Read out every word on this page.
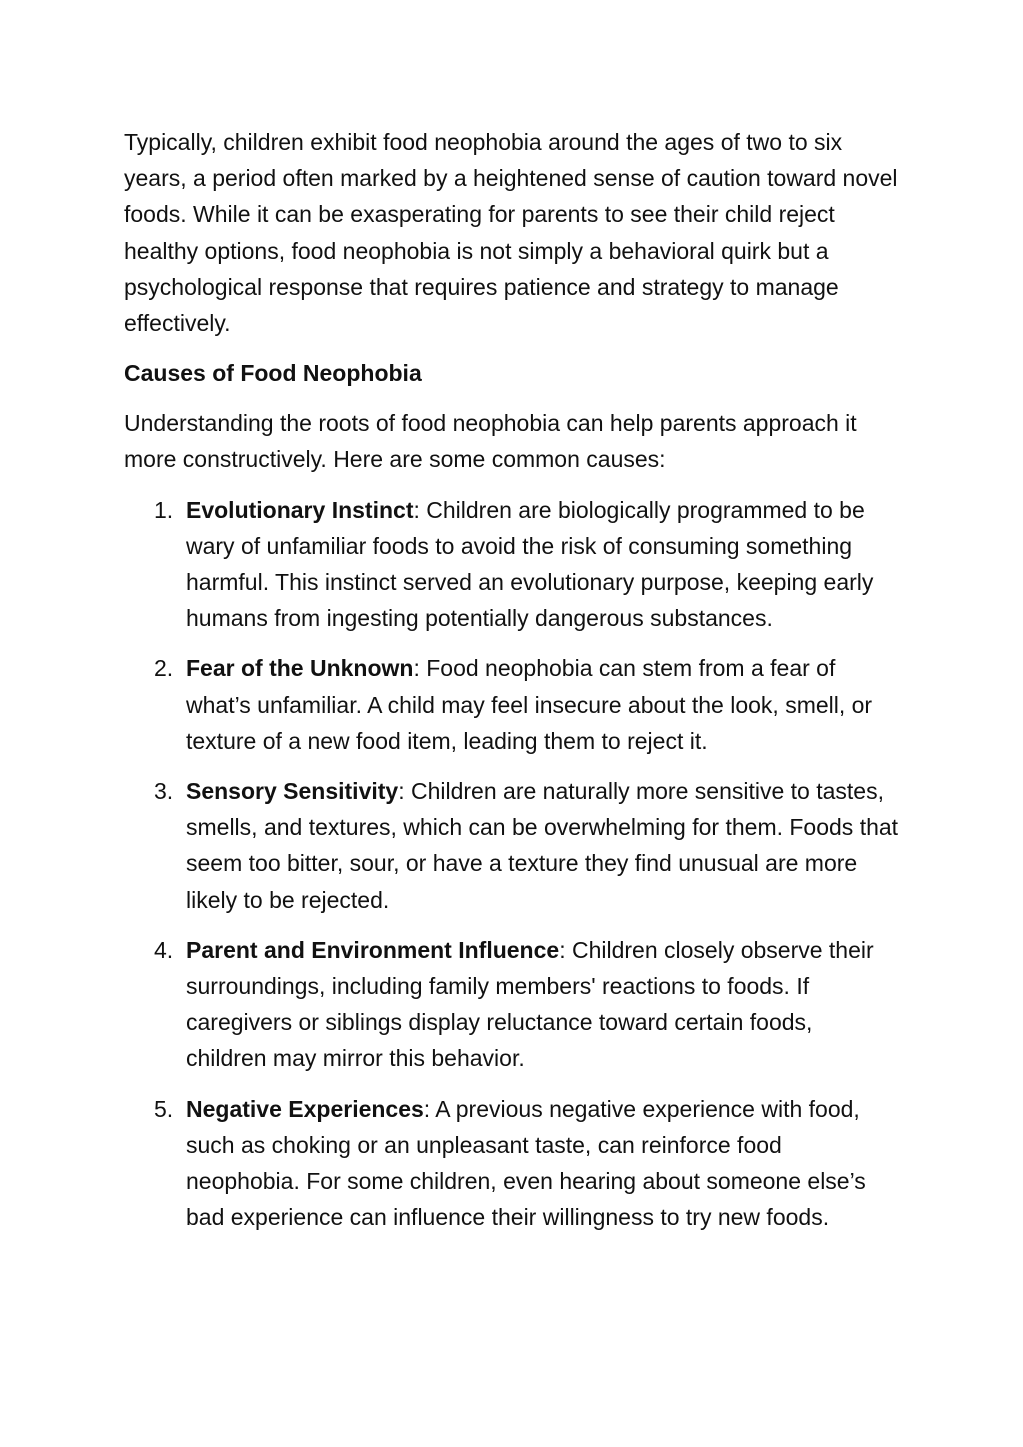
Typically, children exhibit food neophobia around the ages of two to six years, a period often marked by a heightened sense of caution toward novel foods. While it can be exasperating for parents to see their child reject healthy options, food neophobia is not simply a behavioral quirk but a psychological response that requires patience and strategy to manage effectively.

Causes of Food Neophobia

Understanding the roots of food neophobia can help parents approach it more constructively. Here are some common causes:

1. Evolutionary Instinct: Children are biologically programmed to be wary of unfamiliar foods to avoid the risk of consuming something harmful. This instinct served an evolutionary purpose, keeping early humans from ingesting potentially dangerous substances.
2. Fear of the Unknown: Food neophobia can stem from a fear of what’s unfamiliar. A child may feel insecure about the look, smell, or texture of a new food item, leading them to reject it.
3. Sensory Sensitivity: Children are naturally more sensitive to tastes, smells, and textures, which can be overwhelming for them. Foods that seem too bitter, sour, or have a texture they find unusual are more likely to be rejected.
4. Parent and Environment Influence: Children closely observe their surroundings, including family members' reactions to foods. If caregivers or siblings display reluctance toward certain foods, children may mirror this behavior.
5. Negative Experiences: A previous negative experience with food, such as choking or an unpleasant taste, can reinforce food neophobia. For some children, even hearing about someone else’s bad experience can influence their willingness to try new foods.
